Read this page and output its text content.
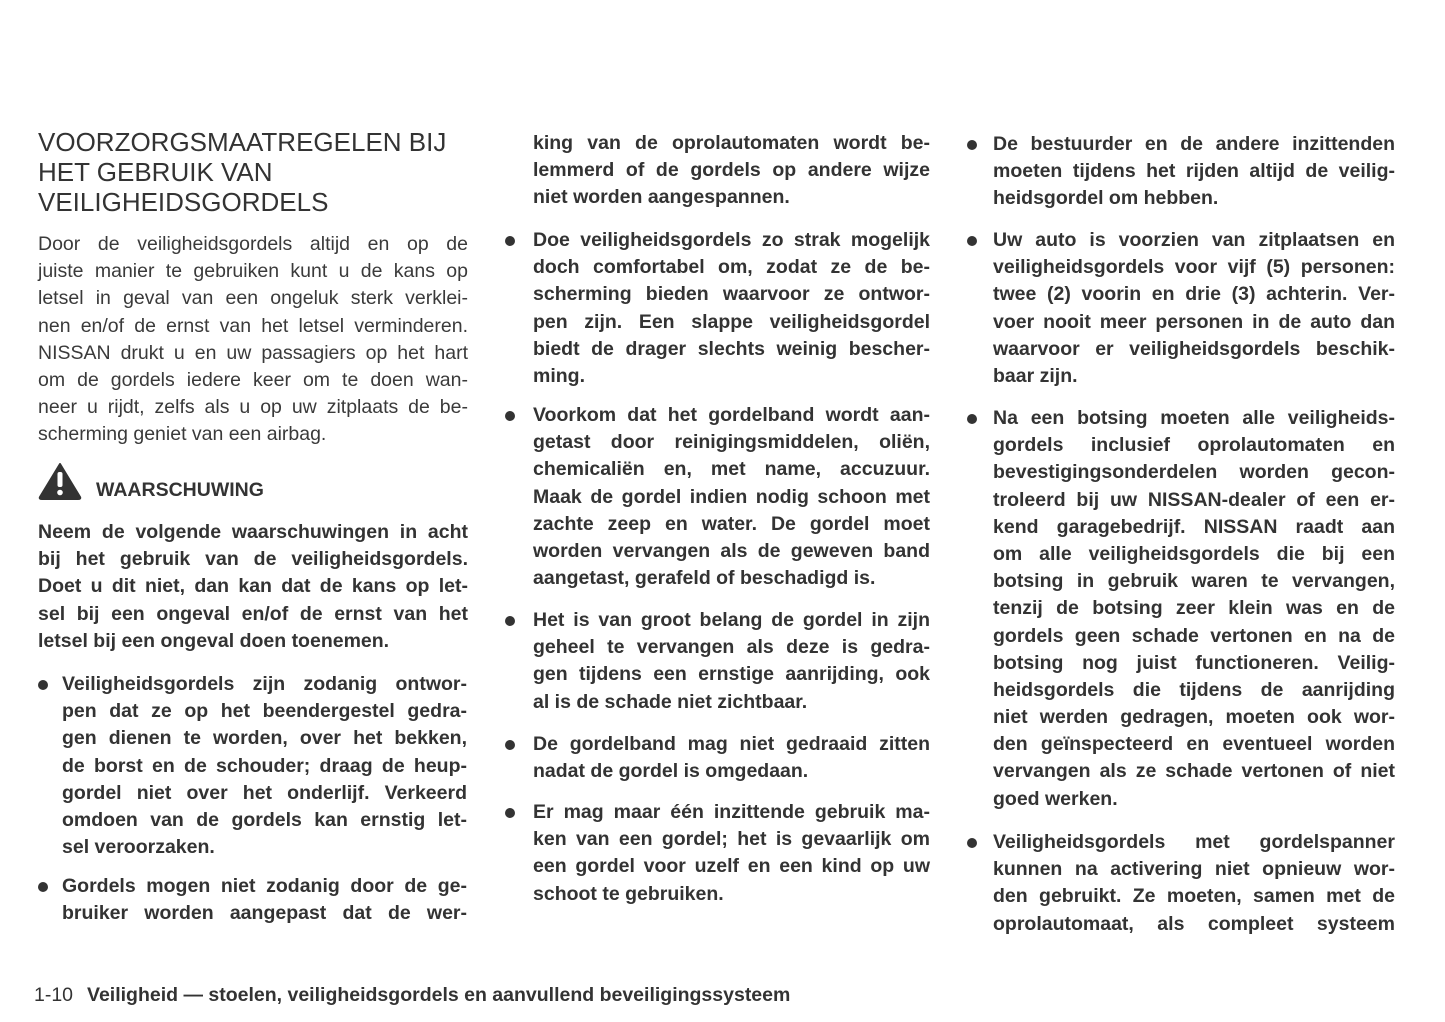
VOORZORGSMAATREGELEN BIJ
HET GEBRUIK VAN
VEILIGHEIDSGORDELS
WAARSCHUWING
1-10 Veiligheid — stoelen, veiligheidsgordels en aanvullend beveiligingssysteem
Door de veiligheidsgordels altijd en op de
juiste manier te gebruiken kunt u de kans op
letsel in geval van een ongeluk sterk verklei-
nen en/of de ernst van het letsel verminderen.
NISSAN drukt u en uw passagiers op het hart
om de gordels iedere keer om te doen wan-
neer u rijdt, zelfs als u op uw zitplaats de be-
scherming geniet van een airbag.
Neem de volgende waarschuwingen in acht
bij het gebruik van de veiligheidsgordels.
Doet u dit niet, dan kan dat de kans op let-
sel bij een ongeval en/of de ernst van het
letsel bij een ongeval doen toenemen.
Veiligheidsgordels zijn zodanig ontwor-
pen dat ze op het beendergestel gedra-
gen dienen te worden, over het bekken,
de borst en de schouder; draag de heup-
gordel niet over het onderlijf. Verkeerd
omdoen van de gordels kan ernstig let-
sel veroorzaken.
Gordels mogen niet zodanig door de ge-
bruiker worden aangepast dat de wer-
king van de oprolautomaten wordt be-
lemmerd of de gordels op andere wijze
niet worden aangespannen.
Doe veiligheidsgordels zo strak mogelijk
doch comfortabel om, zodat ze de be-
scherming bieden waarvoor ze ontwor-
pen zijn. Een slappe veiligheidsgordel
biedt de drager slechts weinig bescher-
ming.
Voorkom dat het gordelband wordt aan-
getast door reinigingsmiddelen, oliën,
chemicaliën en, met name, accuzuur.
Maak de gordel indien nodig schoon met
zachte zeep en water. De gordel moet
worden vervangen als de geweven band
aangetast, gerafeld of beschadigd is.
Het is van groot belang de gordel in zijn
geheel te vervangen als deze is gedra-
gen tijdens een ernstige aanrijding, ook
al is de schade niet zichtbaar.
De gordelband mag niet gedraaid zitten
nadat de gordel is omgedaan.
Er mag maar één inzittende gebruik ma-
ken van een gordel; het is gevaarlijk om
een gordel voor uzelf en een kind op uw
schoot te gebruiken.
De bestuurder en de andere inzittenden
moeten tijdens het rijden altijd de veilig-
heidsgordel om hebben.
Uw auto is voorzien van zitplaatsen en
veiligheidsgordels voor vijf (5) personen:
twee (2) voorin en drie (3) achterin. Ver-
voer nooit meer personen in de auto dan
waarvoor er veiligheidsgordels beschik-
baar zijn.
Na een botsing moeten alle veiligheids-
gordels inclusief oprolautomaten en
bevestigingsonderdelen worden gecon-
troleerd bij uw NISSAN-dealer of een er-
kend garagebedrijf. NISSAN raadt aan
om alle veiligheidsgordels die bij een
botsing in gebruik waren te vervangen,
tenzij de botsing zeer klein was en de
gordels geen schade vertonen en na de
botsing nog juist functioneren. Veilig-
heidsgordels die tijdens de aanrijding
niet werden gedragen, moeten ook wor-
den geïnspecteerd en eventueel worden
vervangen als ze schade vertonen of niet
goed werken.
Veiligheidsgordels met gordelspanner
kunnen na activering niet opnieuw wor-
den gebruikt. Ze moeten, samen met de
oprolautomaat, als compleet systeem
